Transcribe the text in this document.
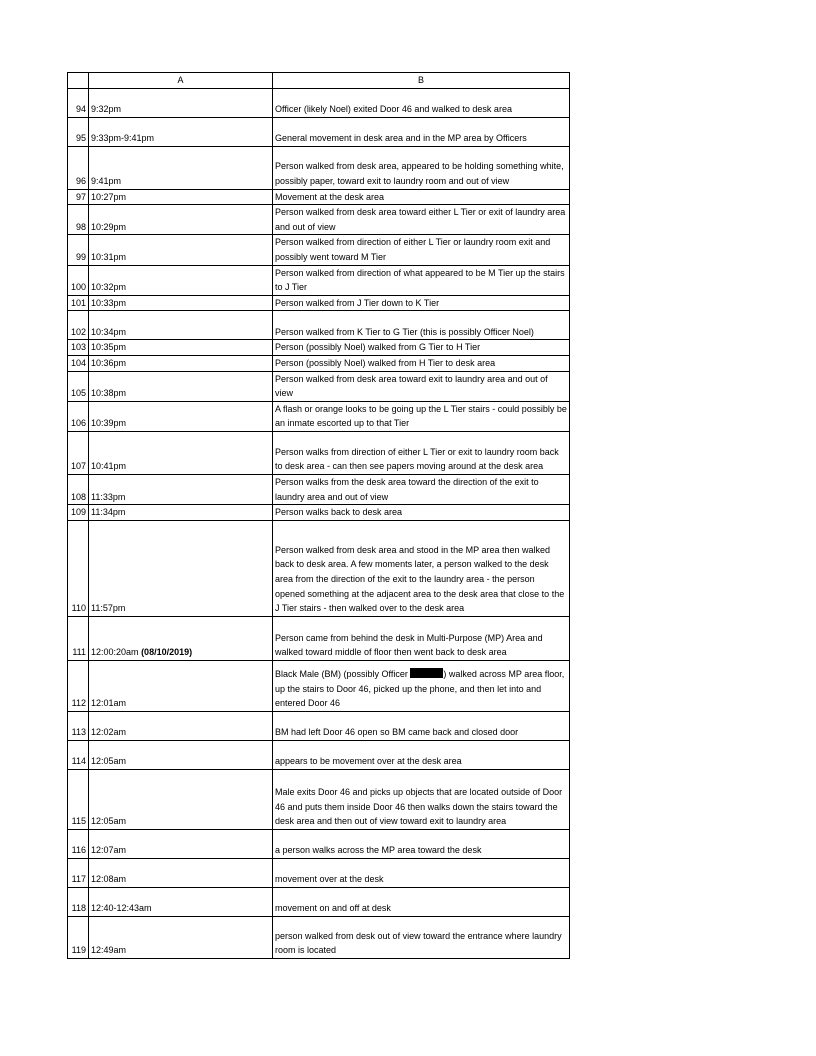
	A	B
94	9:32pm	Officer (likely Noel) exited Door 46 and walked to desk area
95	9:33pm-9:41pm	General movement in desk area and in the MP area by Officers
96	9:41pm	Person walked from desk area, appeared to be holding something white, possibly paper, toward exit to laundry room and out of view
97	10:27pm	Movement at the desk area
98	10:29pm	Person walked from desk area toward either L Tier or exit of laundry area and out of view
99	10:31pm	Person walked from direction of either L Tier or laundry room exit and possibly went toward M Tier
100	10:32pm	Person walked from direction of what appeared to be M Tier up the stairs to J Tier
101	10:33pm	Person walked from J Tier down to K Tier
102	10:34pm	Person walked from K Tier to G Tier (this is possibly Officer Noel)
103	10:35pm	Person (possibly Noel) walked from G Tier to H Tier
104	10:36pm	Person (possibly Noel) walked from H Tier to desk area
105	10:38pm	Person walked from desk area toward exit to laundry area and out of view
106	10:39pm	A flash or orange looks to be going up the L Tier stairs - could possibly be an inmate escorted up to that Tier
107	10:41pm	Person walks from direction of either L Tier or exit to laundry room back to desk area - can then see papers moving around at the desk area
108	11:33pm	Person walks from the desk area toward the direction of the exit to laundry area and out of view
109	11:34pm	Person walks back to desk area
110	11:57pm	Person walked from desk area and stood in the MP area then walked back to desk area. A few moments later, a person walked to the desk area from the direction of the exit to the laundry area - the person opened something at the adjacent area to the desk area that close to the J Tier stairs - then walked over to the desk area
111	12:00:20am (08/10/2019)	Person came from behind the desk in Multi-Purpose (MP) Area and walked toward middle of floor then went back to desk area
112	12:01am	Black Male (BM) (possibly Officer ) walked across MP area floor, up the stairs to Door 46, picked up the phone, and then let into and entered Door 46
113	12:02am	BM had left Door 46 open so BM came back and closed door
114	12:05am	appears to be movement over at the desk area
115	12:05am	Male exits Door 46 and picks up objects that are located outside of Door 46 and puts them inside Door 46 then walks down the stairs toward the desk area and then out of view toward exit to laundry area
116	12:07am	a person walks across the MP area toward the desk
117	12:08am	movement over at the desk
118	12:40-12:43am	movement on and off at desk
119	12:49am	person walked from desk out of view toward the entrance where laundry room is located
